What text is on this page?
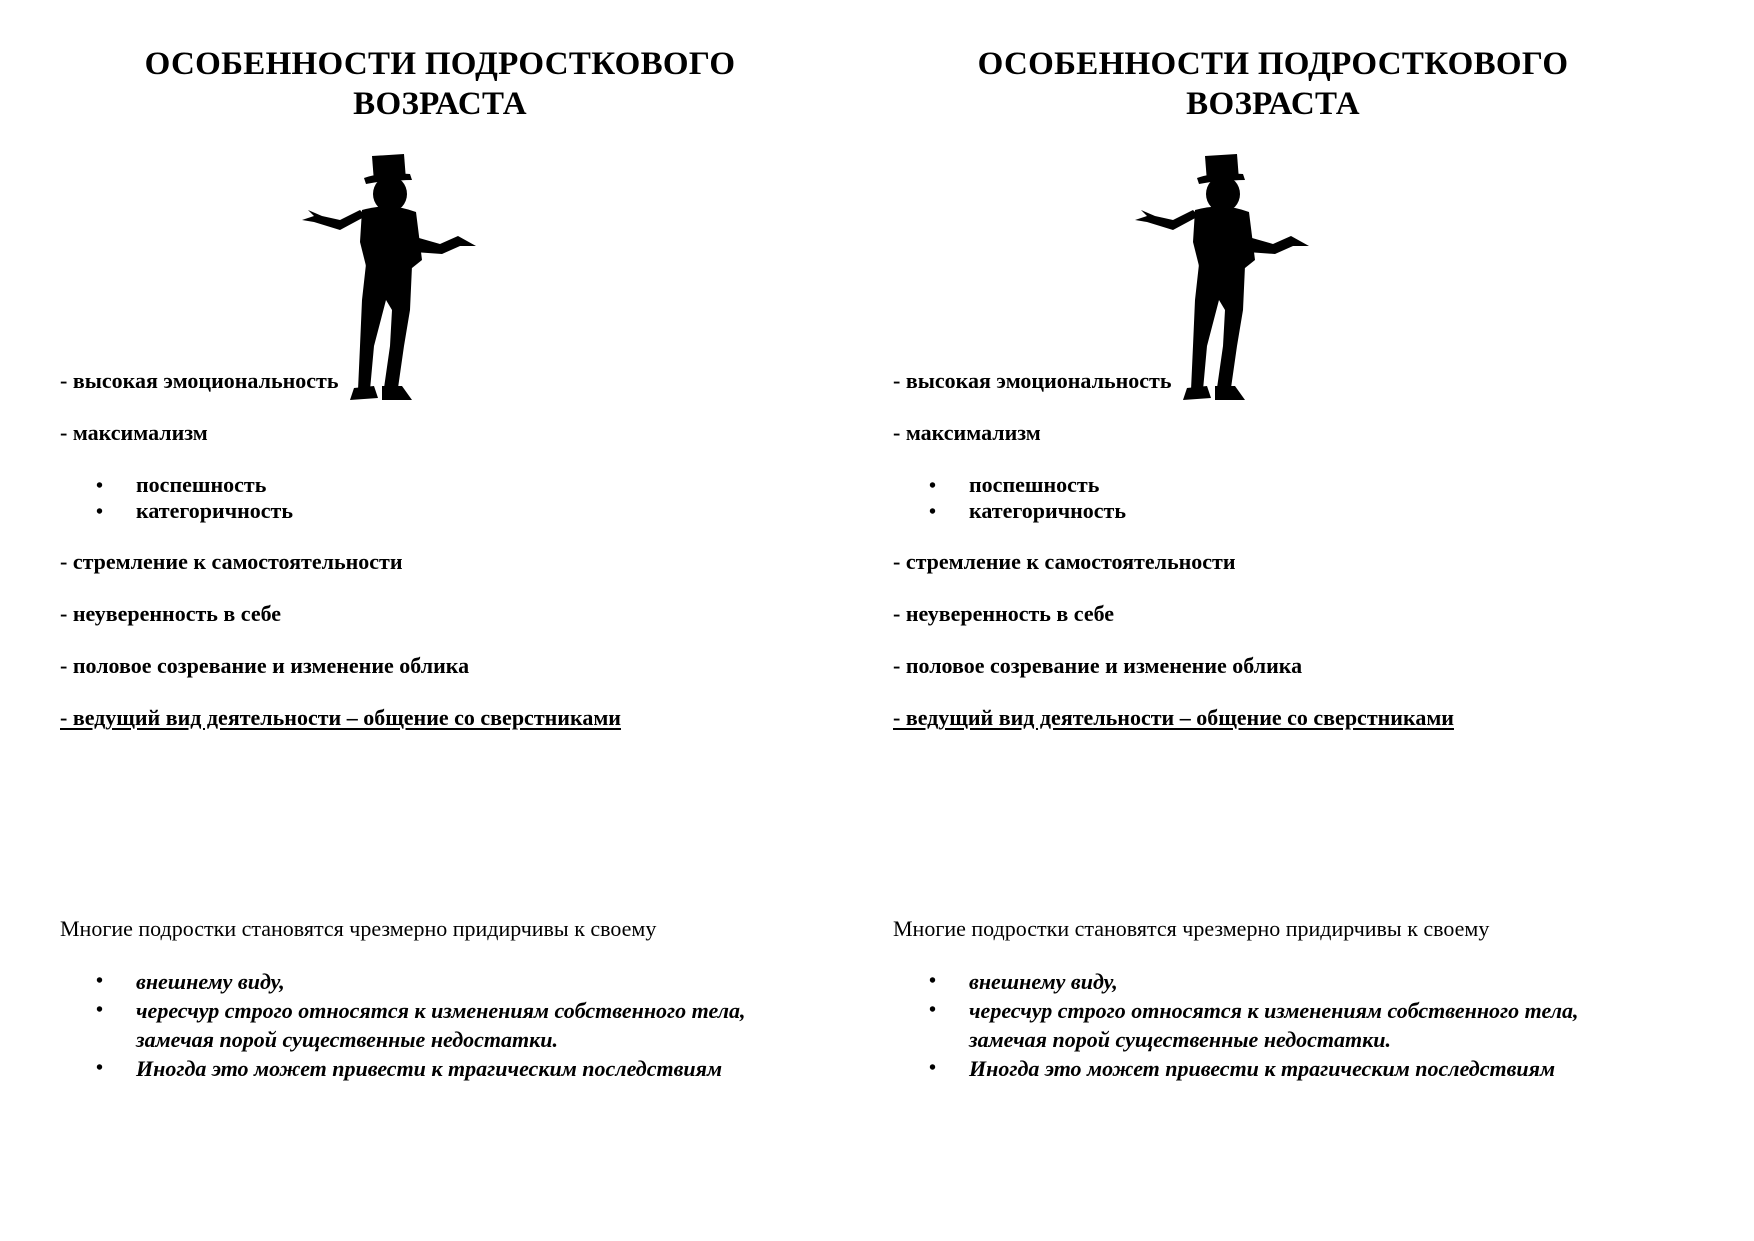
ОСОБЕННОСТИ ПОДРОСТКОВОГО
ВОЗРАСТА
- высокая эмоциональность
- максимализм
• поспешность
• категоричность
- стремление к самостоятельности
- неуверенность в себе
- половое созревание и изменение облика
- ведущий вид деятельности – общение со сверстниками
Многие подростки становятся чрезмерно придирчивы к своему
• внешнему виду,
• чересчур строго относятся к изменениям собственного тела, замечая порой существенные недостатки.
• Иногда это может привести к трагическим последствиям
ОСОБЕННОСТИ ПОДРОСТКОВОГО
ВОЗРАСТА
- высокая эмоциональность
- максимализм
• поспешность
• категоричность
- стремление к самостоятельности
- неуверенность в себе
- половое созревание и изменение облика
- ведущий вид деятельности – общение со сверстниками
Многие подростки становятся чрезмерно придирчивы к своему
• внешнему виду,
• чересчур строго относятся к изменениям собственного тела, замечая порой существенные недостатки.
• Иногда это может привести к трагическим последствиям
